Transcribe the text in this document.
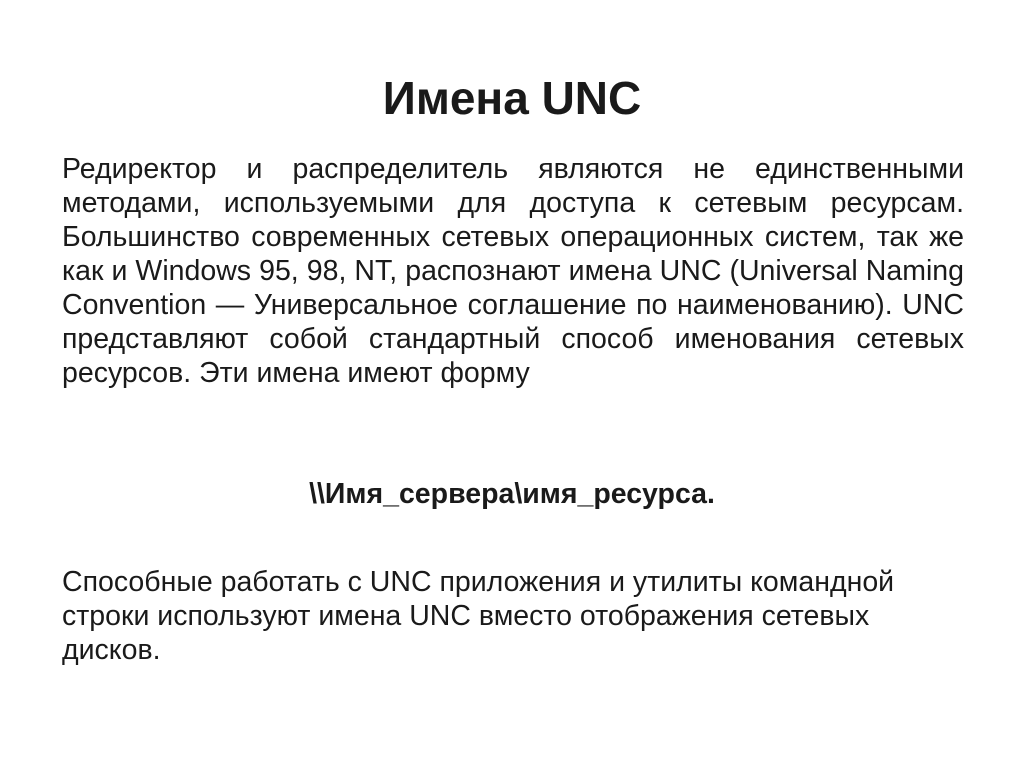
Имена UNC
Редиректор и распределитель являются не единственными методами, используемыми для доступа к сетевым ресурсам. Большинство современных сетевых операционных систем, так же как и Windows 95, 98, NT, распознают имена UNC (Universal Naming Convention — Универсальное соглашение по наименованию). UNC представляют собой стандартный способ именования сетевых ресурсов. Эти имена имеют форму
\\Имя_сервера\имя_ресурса.
Способные работать с UNC приложения и утилиты командной строки используют имена UNC вместо отображения сетевых дисков.
